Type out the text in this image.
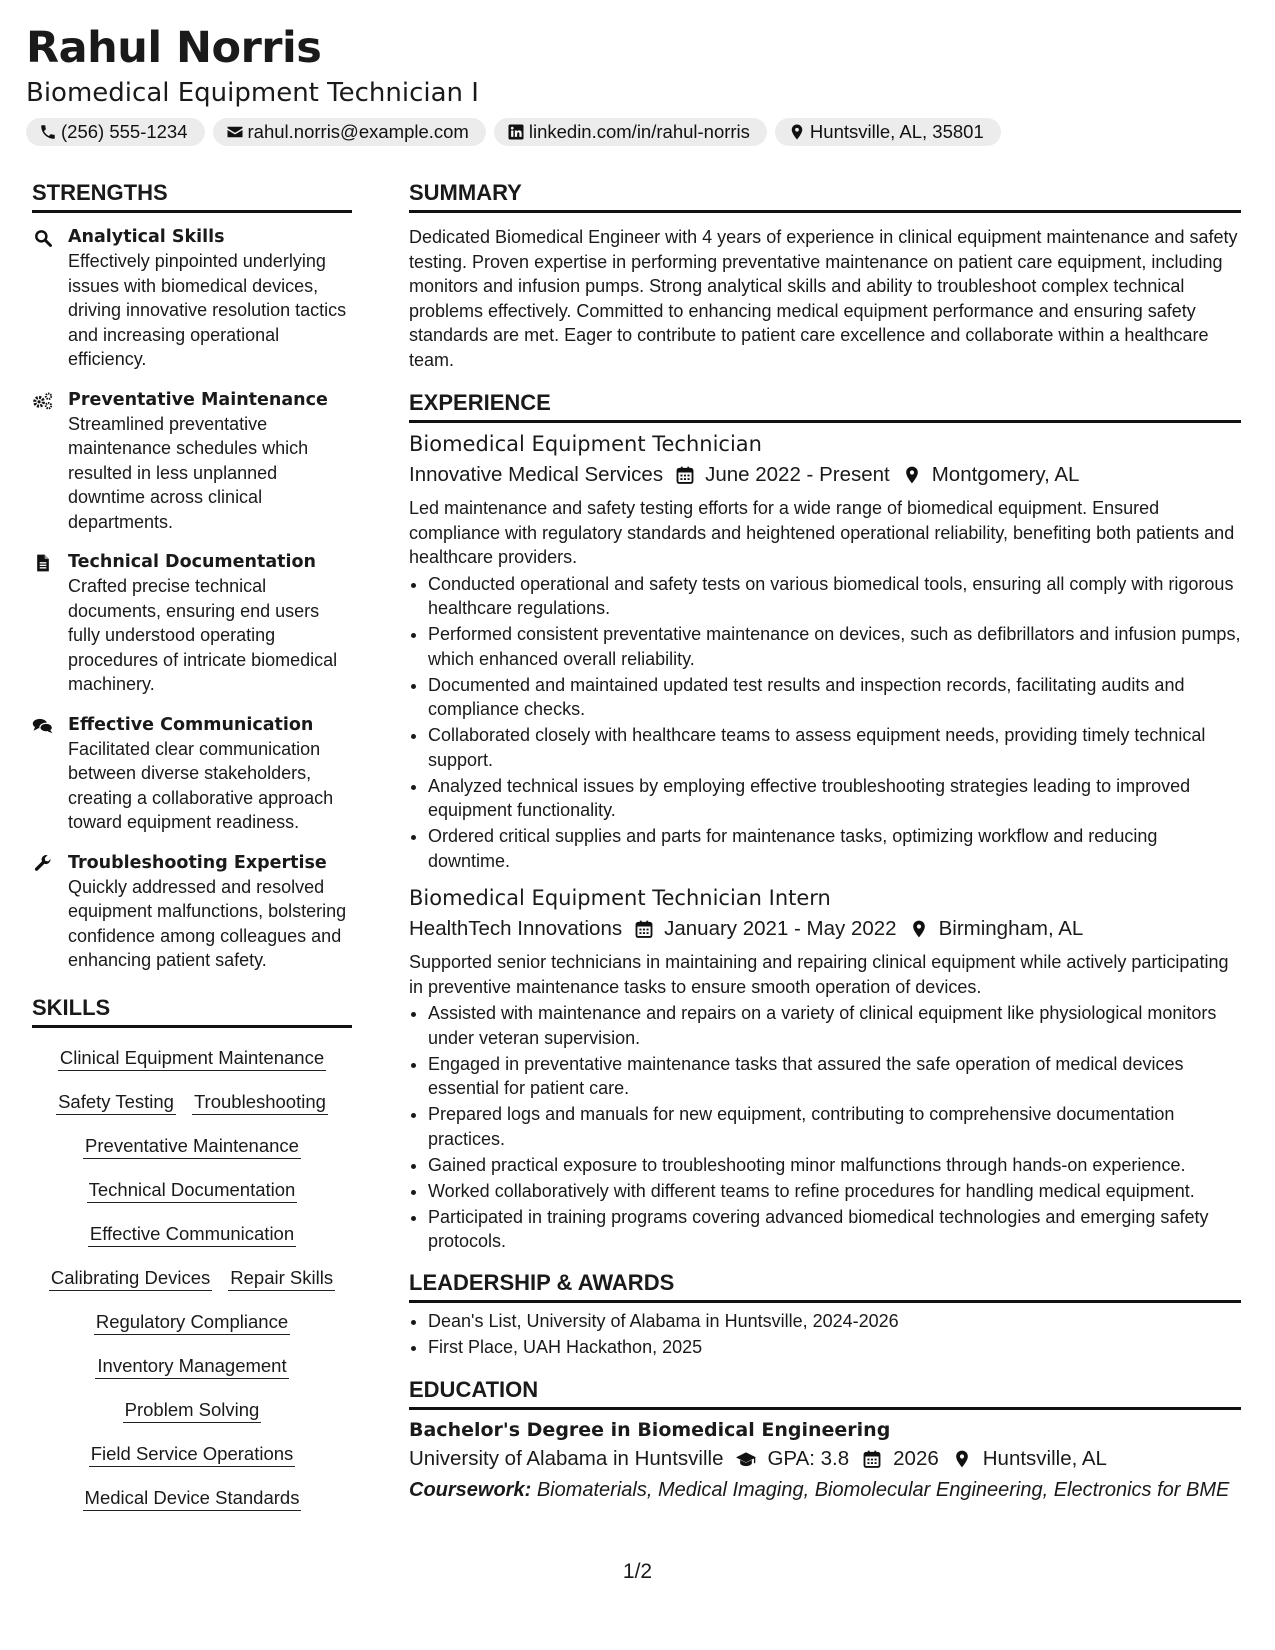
Rahul Norris
Biomedical Equipment Technician I
(256) 555-1234	rahul.norris@example.com	linkedin.com/in/rahul-norris	Huntsville, AL, 35801
STRENGTHS
Analytical Skills
Effectively pinpointed underlying issues with biomedical devices, driving innovative resolution tactics and increasing operational efficiency.
Preventative Maintenance
Streamlined preventative maintenance schedules which resulted in less unplanned downtime across clinical departments.
Technical Documentation
Crafted precise technical documents, ensuring end users fully understood operating procedures of intricate biomedical machinery.
Effective Communication
Facilitated clear communication between diverse stakeholders, creating a collaborative approach toward equipment readiness.
Troubleshooting Expertise
Quickly addressed and resolved equipment malfunctions, bolstering confidence among colleagues and enhancing patient safety.
SKILLS
Clinical Equipment Maintenance
Safety Testing Troubleshooting
Preventative Maintenance
Technical Documentation
Effective Communication
Calibrating Devices Repair Skills
Regulatory Compliance
Inventory Management
Problem Solving
Field Service Operations
Medical Device Standards
SUMMARY

Dedicated Biomedical Engineer with 4 years of experience in clinical equipment maintenance and safety testing. Proven expertise in performing preventative maintenance on patient care equipment, including monitors and infusion pumps. Strong analytical skills and ability to troubleshoot complex technical problems effectively. Committed to enhancing medical equipment performance and ensuring safety standards are met. Eager to contribute to patient care excellence and collaborate within a healthcare team.

EXPERIENCE
Biomedical Equipment Technician
Innovative Medical Services June 2022 - Present Montgomery, AL

Led maintenance and safety testing efforts for a wide range of biomedical equipment. Ensured compliance with regulatory standards and heightened operational reliability, benefiting both patients and healthcare providers.

• Conducted operational and safety tests on various biomedical tools, ensuring all comply with rigorous healthcare regulations.
• Performed consistent preventative maintenance on devices, such as defibrillators and infusion pumps, which enhanced overall reliability.
• Documented and maintained updated test results and inspection records, facilitating audits and compliance checks.
• Collaborated closely with healthcare teams to assess equipment needs, providing timely technical support.
• Analyzed technical issues by employing effective troubleshooting strategies leading to improved equipment functionality.
• Ordered critical supplies and parts for maintenance tasks, optimizing workflow and reducing downtime.
Biomedical Equipment Technician Intern
HealthTech Innovations January 2021 - May 2022 Birmingham, AL

Supported senior technicians in maintaining and repairing clinical equipment while actively participating in preventive maintenance tasks to ensure smooth operation of devices.

• Assisted with maintenance and repairs on a variety of clinical equipment like physiological monitors under veteran supervision.
• Engaged in preventative maintenance tasks that assured the safe operation of medical devices essential for patient care.
• Prepared logs and manuals for new equipment, contributing to comprehensive documentation practices.
• Gained practical exposure to troubleshooting minor malfunctions through hands-on experience.
• Worked collaboratively with different teams to refine procedures for handling medical equipment.
• Participated in training programs covering advanced biomedical technologies and emerging safety protocols.
LEADERSHIP & AWARDS
• Dean's List, University of Alabama in Huntsville, 2024-2026
• First Place, UAH Hackathon, 2025
EDUCATION
Bachelor's Degree in Biomedical Engineering
University of Alabama in Huntsville GPA: 3.8 2026 Huntsville, AL
Coursework: Biomaterials, Medical Imaging, Biomolecular Engineering, Electronics for BME
1/2
